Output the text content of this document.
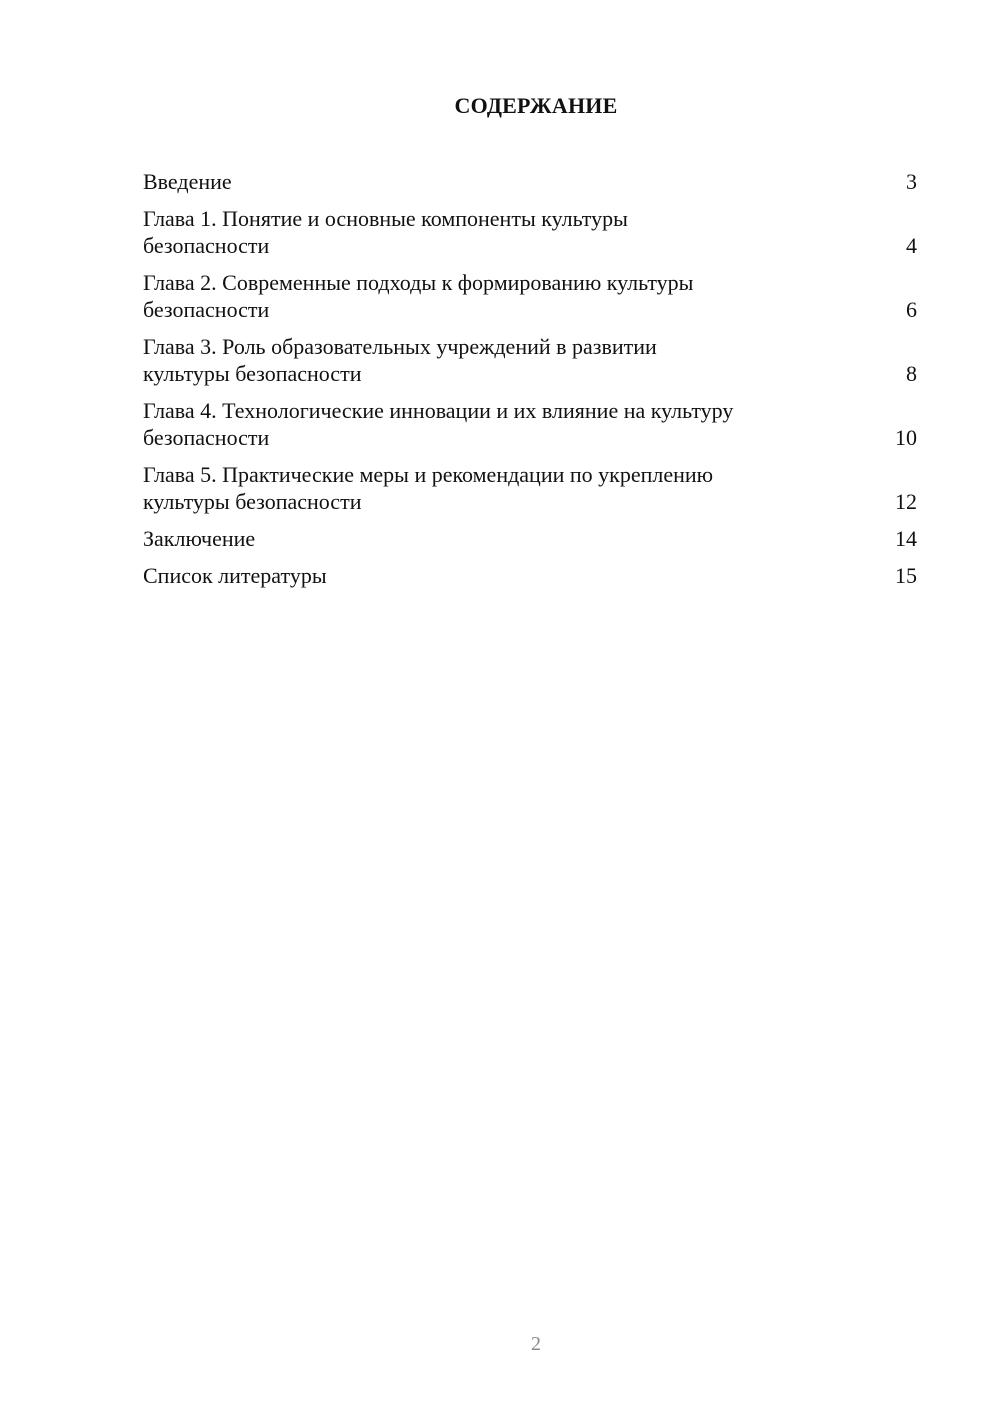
СОДЕРЖАНИЕ
Введение	3
Глава 1. Понятие и основные компоненты культуры
безопасности	4
Глава 2. Современные подходы к формированию культуры
безопасности	6
Глава 3. Роль образовательных учреждений в развитии
культуры безопасности	8
Глава 4. Технологические инновации и их влияние на культуру
безопасности	10
Глава 5. Практические меры и рекомендации по укреплению
культуры безопасности	12
Заключение	14
Список литературы	15
2
